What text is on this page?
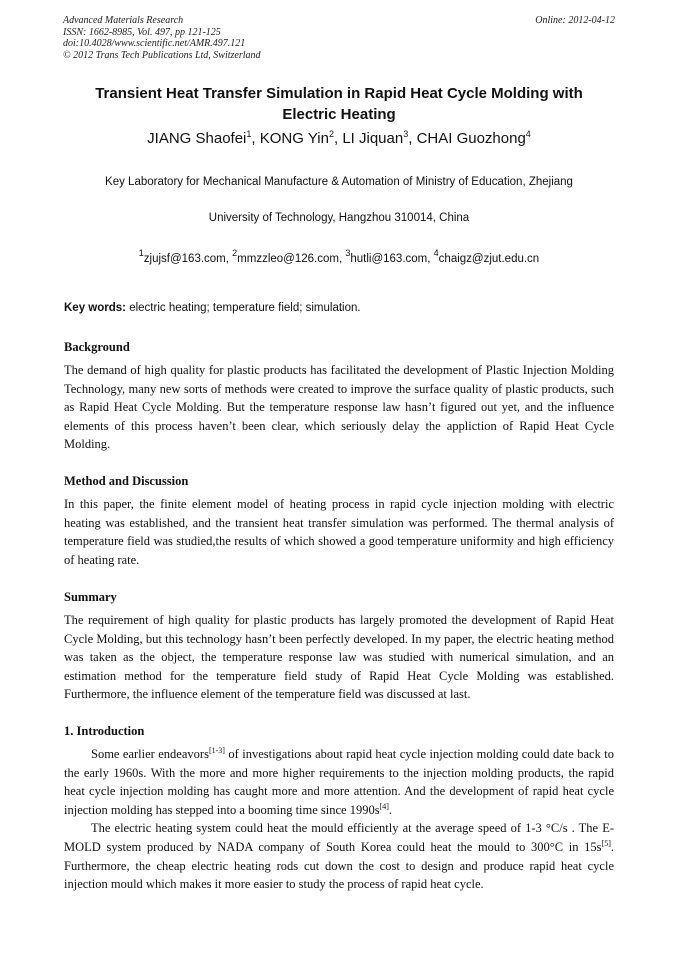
Advanced Materials Research
ISSN: 1662-8985, Vol. 497, pp 121-125
doi:10.4028/www.scientific.net/AMR.497.121
© 2012 Trans Tech Publications Ltd, Switzerland
Online: 2012-04-12
Transient Heat Transfer Simulation in Rapid Heat Cycle Molding with
Electric Heating
JIANG Shaofei$^1$, KONG Yin$^2$, LI Jiquan$^3$, CHAI Guozhong$^4$
Key Laboratory for Mechanical Manufacture & Automation of Ministry of Education, Zhejiang
University of Technology, Hangzhou 310014, China
$^1$zjujsf@163.com, $^2$mmzzleo@126.com, $^3$hutli@163.com, $^4$chaigz@zjut.edu.cn
Key words: electric heating; temperature field; simulation.
Background

The demand of high quality for plastic products has facilitated the development of Plastic Injection Molding Technology, many new sorts of methods were created to improve the surface quality of plastic products, such as Rapid Heat Cycle Molding. But the temperature response law hasn’t figured out yet, and the influence elements of this process haven’t been clear, which seriously delay the appliction of Rapid Heat Cycle Molding.

Method and Discussion

In this paper, the finite element model of heating process in rapid cycle injection molding with electric heating was established, and the transient heat transfer simulation was performed. The thermal analysis of temperature field was studied,the results of which showed a good temperature uniformity and high efficiency of heating rate.

Summary

The requirement of high quality for plastic products has largely promoted the development of Rapid Heat Cycle Molding, but this technology hasn’t been perfectly developed. In my paper, the electric heating method was taken as the object, the temperature response law was studied with numerical simulation, and an estimation method for the temperature field study of Rapid Heat Cycle Molding was established. Furthermore, the influence element of the temperature field was discussed at last.

1. Introduction

Some earlier endeavors[1-3] of investigations about rapid heat cycle injection molding could date back to the early 1960s. With the more and more higher requirements to the injection molding products, the rapid heat cycle injection molding has caught more and more attention. And the development of rapid heat cycle injection molding has stepped into a booming time since 1990s[4].

The electric heating system could heat the mould efficiently at the average speed of 1-3 °C/s . The E-MOLD system produced by NADA company of South Korea could heat the mould to 300°C in 15s[5]. Furthermore, the cheap electric heating rods cut down the cost to design and produce rapid heat cycle injection mould which makes it more easier to study the process of rapid heat cycle.
